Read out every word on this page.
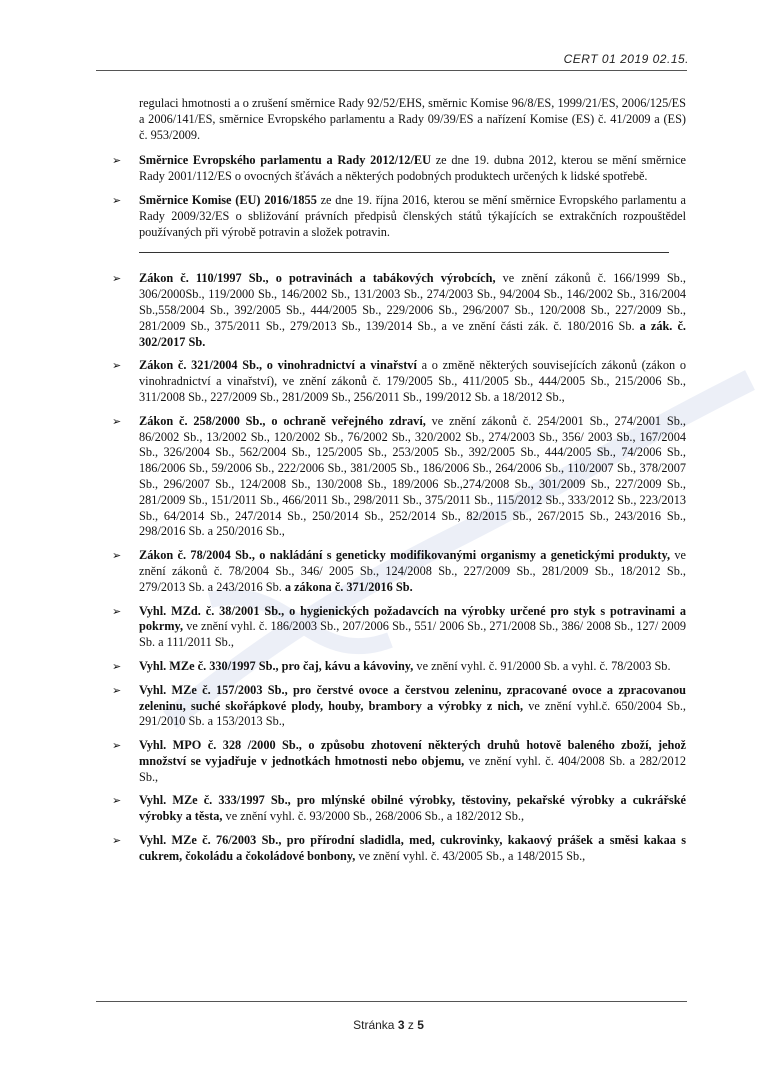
CERT 01 2019 02.15.

regulaci hmotnosti a o zrušení směrnice Rady 92/52/EHS, směrnic Komise 96/8/ES, 1999/21/ES, 2006/125/ES a 2006/141/ES, směrnice Evropského parlamentu a Rady 09/39/ES a nařízení Komise (ES) č. 41/2009 a (ES) č. 953/2009.

➢ Směrnice Evropského parlamentu a Rady 2012/12/EU ze dne 19. dubna 2012, kterou se mění směrnice Rady 2001/112/ES o ovocných šťávách a některých podobných produktech určených k lidské spotřebě.
➢ Směrnice Komise (EU) 2016/1855 ze dne 19. října 2016, kterou se mění směrnice Evropského parlamentu a Rady 2009/32/ES o sbližování právních předpisů členských států týkajících se extrakčních rozpouštědel používaných při výrobě potravin a složek potravin.
➢ Zákon č. 110/1997 Sb., o potravinách a tabákových výrobcích, ve znění zákonů č. 166/1999 Sb., 306/2000Sb., 119/2000 Sb., 146/2002 Sb., 131/2003 Sb., 274/2003 Sb., 94/2004 Sb., 146/2002 Sb., 316/2004 Sb.,558/2004 Sb., 392/2005 Sb., 444/2005 Sb., 229/2006 Sb., 296/2007 Sb., 120/2008 Sb., 227/2009 Sb., 281/2009 Sb., 375/2011 Sb., 279/2013 Sb., 139/2014 Sb., a ve znění části zák. č. 180/2016 Sb. a zák. č. 302/2017 Sb.
➢ Zákon č. 321/2004 Sb., o vinohradnictví a vinařství a o změně některých souvisejících zákonů (zákon o vinohradnictví a vinařství), ve znění zákonů č. 179/2005 Sb., 411/2005 Sb., 444/2005 Sb., 215/2006 Sb., 311/2008 Sb., 227/2009 Sb., 281/2009 Sb., 256/2011 Sb., 199/2012 Sb. a 18/2012 Sb.,
➢ Zákon č. 258/2000 Sb., o ochraně veřejného zdraví, ve znění zákonů č. 254/2001 Sb., 274/2001 Sb., 86/2002 Sb., 13/2002 Sb., 120/2002 Sb., 76/2002 Sb., 320/2002 Sb., 274/2003 Sb., 356/ 2003 Sb., 167/2004 Sb., 326/2004 Sb., 562/2004 Sb., 125/2005 Sb., 253/2005 Sb., 392/2005 Sb., 444/2005 Sb., 74/2006 Sb., 186/2006 Sb., 59/2006 Sb., 222/2006 Sb., 381/2005 Sb., 186/2006 Sb., 264/2006 Sb., 110/2007 Sb., 378/2007 Sb., 296/2007 Sb., 124/2008 Sb., 130/2008 Sb., 189/2006 Sb.,274/2008 Sb., 301/2009 Sb., 227/2009 Sb., 281/2009 Sb., 151/2011 Sb., 466/2011 Sb., 298/2011 Sb., 375/2011 Sb., 115/2012 Sb., 333/2012 Sb., 223/2013 Sb., 64/2014 Sb., 247/2014 Sb., 250/2014 Sb., 252/2014 Sb., 82/2015 Sb., 267/2015 Sb., 243/2016 Sb., 298/2016 Sb. a 250/2016 Sb.,
➢ Zákon č. 78/2004 Sb., o nakládání s geneticky modifikovanými organismy a genetickými produkty, ve znění zákonů č. 78/2004 Sb., 346/ 2005 Sb., 124/2008 Sb., 227/2009 Sb., 281/2009 Sb., 18/2012 Sb., 279/2013 Sb. a 243/2016 Sb. a zákona č. 371/2016 Sb.
➢ Vyhl. MZd. č. 38/2001 Sb., o hygienických požadavcích na výrobky určené pro styk s potravinami a pokrmy, ve znění vyhl. č. 186/2003 Sb., 207/2006 Sb., 551/ 2006 Sb., 271/2008 Sb., 386/ 2008 Sb., 127/ 2009 Sb. a 111/2011 Sb.,
➢ Vyhl. MZe č. 330/1997 Sb., pro čaj, kávu a kávoviny, ve znění vyhl. č. 91/2000 Sb. a vyhl. č. 78/2003 Sb.
➢ Vyhl. MZe č. 157/2003 Sb., pro čerstvé ovoce a čerstvou zeleninu, zpracované ovoce a zpracovanou zeleninu, suché skořápkové plody, houby, brambory a výrobky z nich, ve znění vyhl.č. 650/2004 Sb., 291/2010 Sb. a 153/2013 Sb.,
➢ Vyhl. MPO č. 328 /2000 Sb., o způsobu zhotovení některých druhů hotově baleného zboží, jehož množství se vyjadřuje v jednotkách hmotnosti nebo objemu, ve znění vyhl. č. 404/2008 Sb. a 282/2012 Sb.,
➢ Vyhl. MZe č. 333/1997 Sb., pro mlýnské obilné výrobky, těstoviny, pekařské výrobky a cukrářské výrobky a těsta, ve znění vyhl. č. 93/2000 Sb., 268/2006 Sb., a 182/2012 Sb.,
➢ Vyhl. MZe č. 76/2003 Sb., pro přírodní sladidla, med, cukrovinky, kakaový prášek a směsi kakaa s cukrem, čokoládu a čokoládové bonbony, ve znění vyhl. č. 43/2005 Sb., a 148/2015 Sb.,
Stránka 3 z 5
